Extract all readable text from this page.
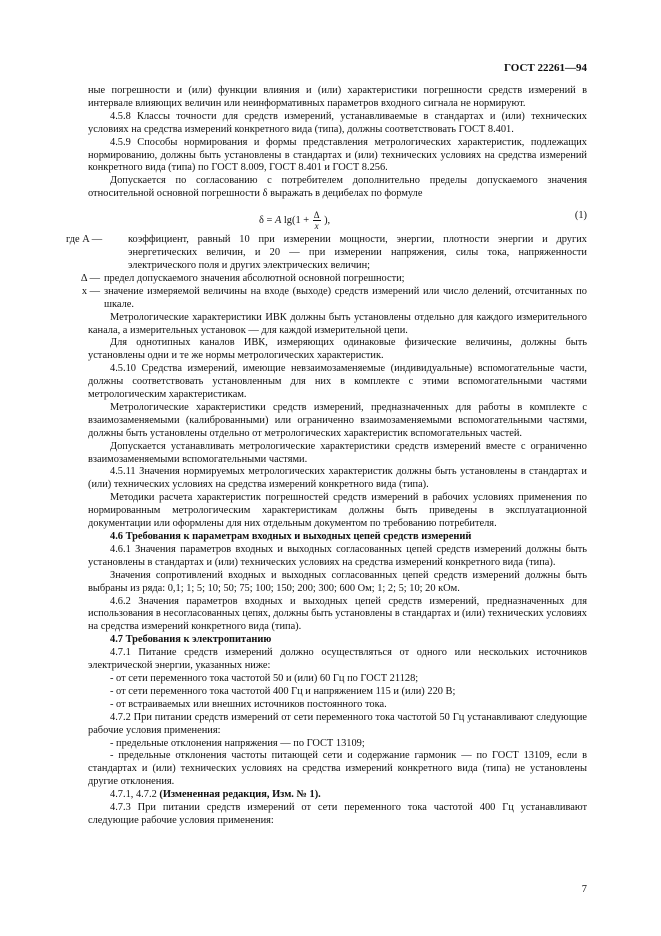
ГОСТ 22261—94

ные погрешности и (или) функции влияния и (или) характеристики погрешности средств измерений в интервале влияющих величин или неинформативных параметров входного сигнала не нормируют.

4.5.8 Классы точности для средств измерений, устанавливаемые в стандартах и (или) технических условиях на средства измерений конкретного вида (типа), должны соответствовать ГОСТ 8.401.

4.5.9 Способы нормирования и формы представления метрологических характеристик, подлежащих нормированию, должны быть установлены в стандартах и (или) технических условиях на средства измерений конкретного вида (типа) по ГОСТ 8.009, ГОСТ 8.401 и ГОСТ 8.256.

Допускается по согласованию с потребителем дополнительно пределы допускаемого значения относительной основной погрешности δ выражать в децибелах по формуле

δ = A $\lg(1 + \frac{\Delta}{x}$ ),	(1)
где A —	коэффициент, равный 10 при измерении мощности, энергии, плотности энергии и других энергетических величин, и 20 — при измерении напряжения, силы тока, напряженности электрического поля и других электрических величин;
Δ — предел допускаемого значения абсолютной основной погрешности;
x — значение измеряемой величины на входе (выходе) средств измерений или число делений, отсчитанных по шкале.

Метрологические характеристики ИВК должны быть установлены отдельно для каждого измерительного канала, а измерительных установок — для каждой измерительной цепи.

Для однотипных каналов ИВК, измеряющих одинаковые физические величины, должны быть установлены одни и те же нормы метрологических характеристик.

4.5.10 Средства измерений, имеющие невзаимозаменяемые (индивидуальные) вспомогательные части, должны соответствовать установленным для них в комплекте с этими вспомогательными частями метрологическим характеристикам.

Метрологические характеристики средств измерений, предназначенных для работы в комплекте с взаимозаменяемыми (калиброванными) или ограниченно взаимозаменяемыми вспомогательными частями, должны быть установлены отдельно от метрологических характеристик вспомогательных частей.

Допускается устанавливать метрологические характеристики средств измерений вместе с ограниченно взаимозаменяемыми вспомогательными частями.

4.5.11 Значения нормируемых метрологических характеристик должны быть установлены в стандартах и (или) технических условиях на средства измерений конкретного вида (типа).

Методики расчета характеристик погрешностей средств измерений в рабочих условиях применения по нормированным метрологическим характеристикам должны быть приведены в эксплуатационной документации или оформлены для них отдельным документом по требованию потребителя.

4.6 Требования к параметрам входных и выходных цепей средств измерений

4.6.1 Значения параметров входных и выходных согласованных цепей средств измерений должны быть установлены в стандартах и (или) технических условиях на средства измерений конкретного вида (типа).

Значения сопротивлений входных и выходных согласованных цепей средств измерений должны быть выбраны из ряда: 0,1; 1; 5; 10; 50; 75; 100; 150; 200; 300; 600 Ом; 1; 2; 5; 10; 20 кОм.

4.6.2 Значения параметров входных и выходных цепей средств измерений, предназначенных для использования в несогласованных цепях, должны быть установлены в стандартах и (или) технических условиях на средства измерений конкретного вида (типа).

4.7 Требования к электропитанию

4.7.1 Питание средств измерений должно осуществляться от одного или нескольких источников электрической энергии, указанных ниже:

- от сети переменного тока частотой 50 и (или) 60 Гц по ГОСТ 21128;

- от сети переменного тока частотой 400 Гц и напряжением 115 и (или) 220 В;

- от встраиваемых или внешних источников постоянного тока.

4.7.2 При питании средств измерений от сети переменного тока частотой 50 Гц устанавливают следующие рабочие условия применения:

- предельные отклонения напряжения — по ГОСТ 13109;

- предельные отклонения частоты питающей сети и содержание гармоник — по ГОСТ 13109, если в стандартах и (или) технических условиях на средства измерений конкретного вида (типа) не установлены другие отклонения.

4.7.1, 4.7.2 (Измененная редакция, Изм. № 1).

4.7.3 При питании средств измерений от сети переменного тока частотой 400 Гц устанавливают следующие рабочие условия применения:

7
